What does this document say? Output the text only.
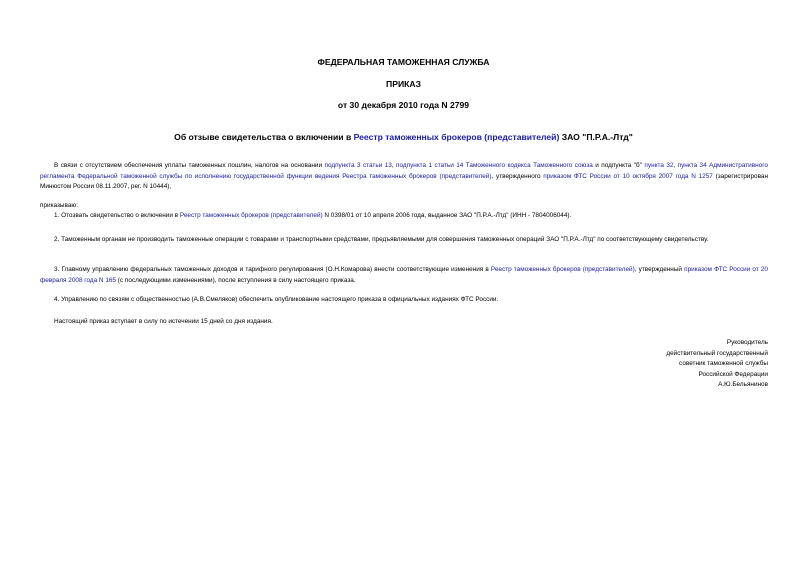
ФЕДЕРАЛЬНАЯ ТАМОЖЕННАЯ СЛУЖБА
ПРИКАЗ
от 30 декабря 2010 года N 2799
Об отзыве свидетельства о включении в Реестр таможенных брокеров (представителей) ЗАО "П.Р.А.-Лтд"
В связи с отсутствием обеспечения уплаты таможенных пошлин, налогов на основании подпункта 3 статьи 13, подпункта 1 статьи 14 Таможенного кодекса Таможенного союза и подпункта "б" пункта 32, пункта 34 Административного регламента Федеральной таможенной службы по исполнению государственной функции ведения Реестра таможенных брокеров (представителей), утвержденного приказом ФТС России от 10 октября 2007 года N 1257 (зарегистрирован Минюстом России 08.11.2007, рег. N 10444),
приказываю:
1. Отозвать свидетельство о включении в Реестр таможенных брокеров (представителей) N 0398/01 от 10 апреля 2006 года, выданное ЗАО "П.Р.А.-Лтд" (ИНН - 7804006044).
2. Таможенным органам не производить таможенные операции с товарами и транспортными средствами, предъявляемыми для совершения таможенных операций ЗАО "П.Р.А.-Лтд" по соответствующему свидетельству.
3. Главному управлению федеральных таможенных доходов и тарифного регулирования (О.Н.Комарова) внести соответствующие изменения в Реестр таможенных брокеров (представителей), утвержденный приказом ФТС России от 20 февраля 2008 года N 165 (с последующими изменениями), после вступления в силу настоящего приказа.
4. Управлению по связям с общественностью (А.В.Смеляков) обеспечить опубликование настоящего приказа в официальных изданиях ФТС России.
Настоящий приказ вступает в силу по истечении 15 дней со дня издания.
Руководитель
действительный государственный
советник таможенной службы
Российской Федерации
А.Ю.Бельянинов
